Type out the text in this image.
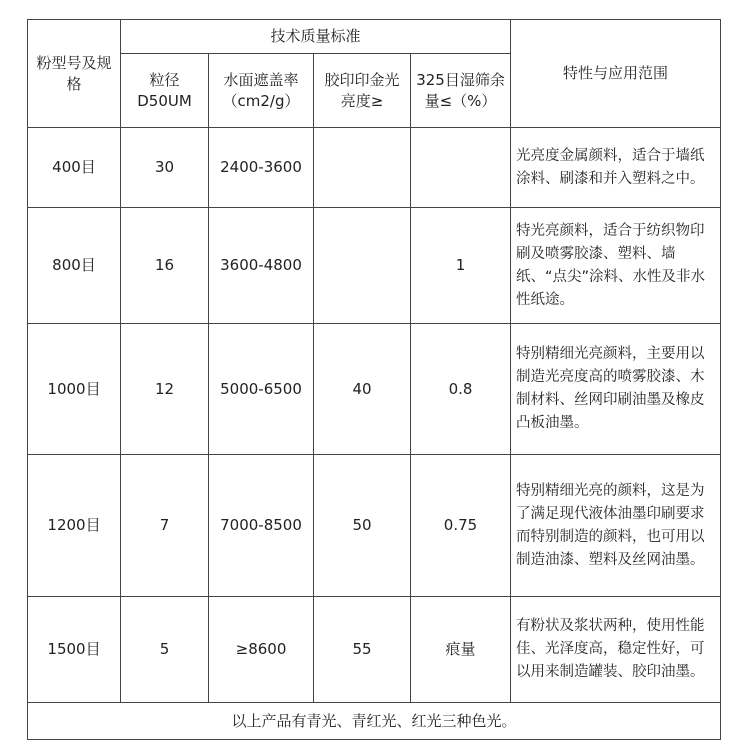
粉型号及规格	技术质量标准				特性与应用范围
	粒径D50UM	水面遮盖率（cm2/g）	胶印印金光亮度≥	325目湿筛余量≤（%）	
400目	30	2400-3600			光亮度金属颜料，适合于墙纸涂料、刷漆和并入塑料之中。
800目	16	3600-4800		1	特光亮颜料，适合于纺织物印刷及喷雾胶漆、塑料、墙纸、“点尖”涂料、水性及非水性纸途。
1000目	12	5000-6500	40	0.8	特别精细光亮颜料，主要用以制造光亮度高的喷雾胶漆、木制材料、丝网印刷油墨及橡皮凸板油墨。
1200目	7	7000-8500	50	0.75	特别精细光亮的颜料，这是为了满足现代液体油墨印刷要求而特别制造的颜料，也可用以制造油漆、塑料及丝网油墨。
1500目	5	≥8600	55	痕量	有粉状及浆状两种，使用性能佳、光泽度高，稳定性好，可以用来制造罐装、胶印油墨。
以上产品有青光、青红光、红光三种色光。					
